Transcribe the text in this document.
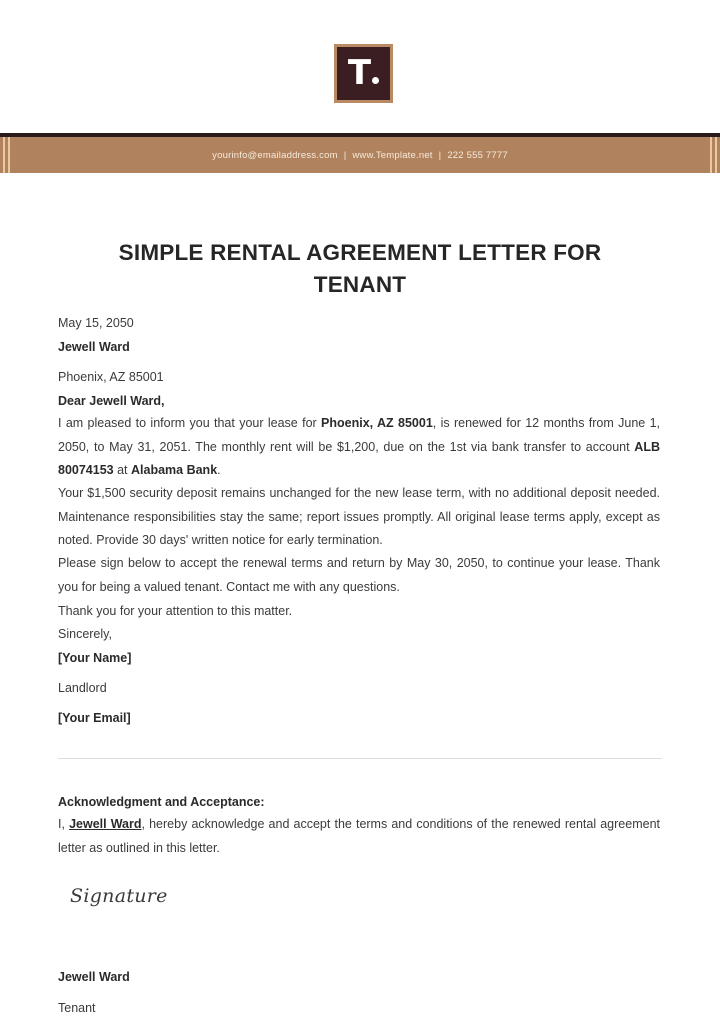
T
yourinfo@emailaddress.com | www.Template.net | 222 555 7777
SIMPLE RENTAL AGREEMENT LETTER FOR
TENANT
May 15, 2050
Jewell Ward
Phoenix, AZ 85001
Dear Jewell Ward,
I am pleased to inform you that your lease for Phoenix, AZ 85001, is renewed for 12 months from June 1, 2050, to May 31, 2051. The monthly rent will be $1,200, due on the 1st via bank transfer to account ALB 80074153 at Alabama Bank.
Your $1,500 security deposit remains unchanged for the new lease term, with no additional deposit needed. Maintenance responsibilities stay the same; report issues promptly. All original lease terms apply, except as noted. Provide 30 days' written notice for early termination.
Please sign below to accept the renewal terms and return by May 30, 2050, to continue your lease. Thank you for being a valued tenant. Contact me with any questions.
Thank you for your attention to this matter.
Sincerely,
[Your Name]
Landlord
[Your Email]
Acknowledgment and Acceptance:
I, Jewell Ward, hereby acknowledge and accept the terms and conditions of the renewed rental agreement letter as outlined in this letter.
Signature
Jewell Ward
Tenant
